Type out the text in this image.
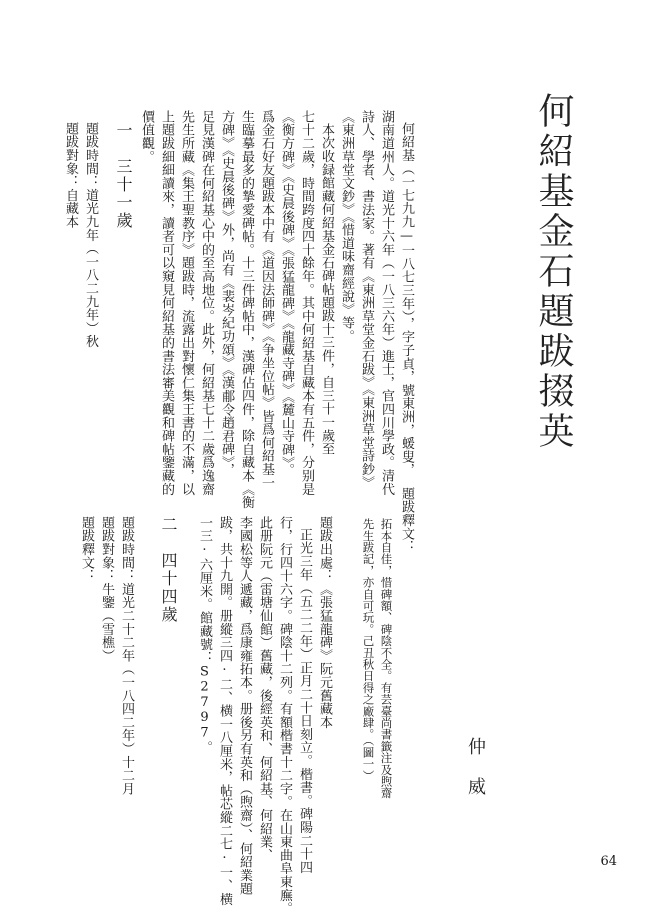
何紹基金石題跋掇英
何紹基（一七九九—一八七三年），字子貞，號東洲，蝯叟，
湖南道州人。道光十六年（一八三六年）進士，官四川學政。清代
詩人、學者、書法家。著有《東洲草堂金石跋》《東洲草堂詩鈔》
《東洲草堂文鈔》《惜道味齋經說》等。
本次收録館藏何紹基金石碑帖題跋十三件，自三十一歲至
七十二歲，時間跨度四十餘年。其中何紹基自藏本有五件，分别是
《衡方碑》《史晨後碑》《張猛龍碑》《龍藏寺碑》《麓山寺碑》。
爲金石好友題跋本中有《道因法師碑》《争坐位帖》皆爲何紹基一
生臨摹最多的摯愛碑帖。十三件碑帖中，漢碑佔四件，除自藏本《衡
方碑》《史晨後碑》外，尚有《裴岑紀功頌》《漢郙令趙君碑》，
足見漢碑在何紹基心中的至高地位。此外，何紹基七十二歲爲逸齋
先生所藏《集王聖教序》題跋時，流露出對懷仁集王書的不滿，以
上題跋細細讀來，讀者可以窺見何紹基的書法審美觀和碑帖鑒藏的
價值觀。
一　三十一歲
題跋時間：道光九年（一八二九年）秋
題跋對象：自藏本
題跋釋文：
拓本自佳，惜碑額、碑陰不全。有芸臺尚書籤注及煦齋
先生跋記，亦自可玩。己丑秋日得之廠肆。（圖一）	仲威
題跋出處：《張猛龍碑》阮元舊藏本
正光三年（五二二年）正月二十日刻立。楷書。碑陽二十四
行，行四十六字。碑陰十二列。有額楷書十二字。在山東曲阜東廡。
此册阮元（雷塘仙館）舊藏，後經英和、何紹基、何紹業、
李國松等人遞藏，爲康雍拓本。册後另有英和（煦齋）、何紹業題
跋，共十九開。册縱三四·二、横一八厘米，帖芯縱二七·一、横
一三·六厘米。館藏號：S2797。
二　四十四歲
題跋時間：道光二十二年（一八四二年）十二月
題跋對象：牛鑒（雪樵）
題跋釋文：
64
